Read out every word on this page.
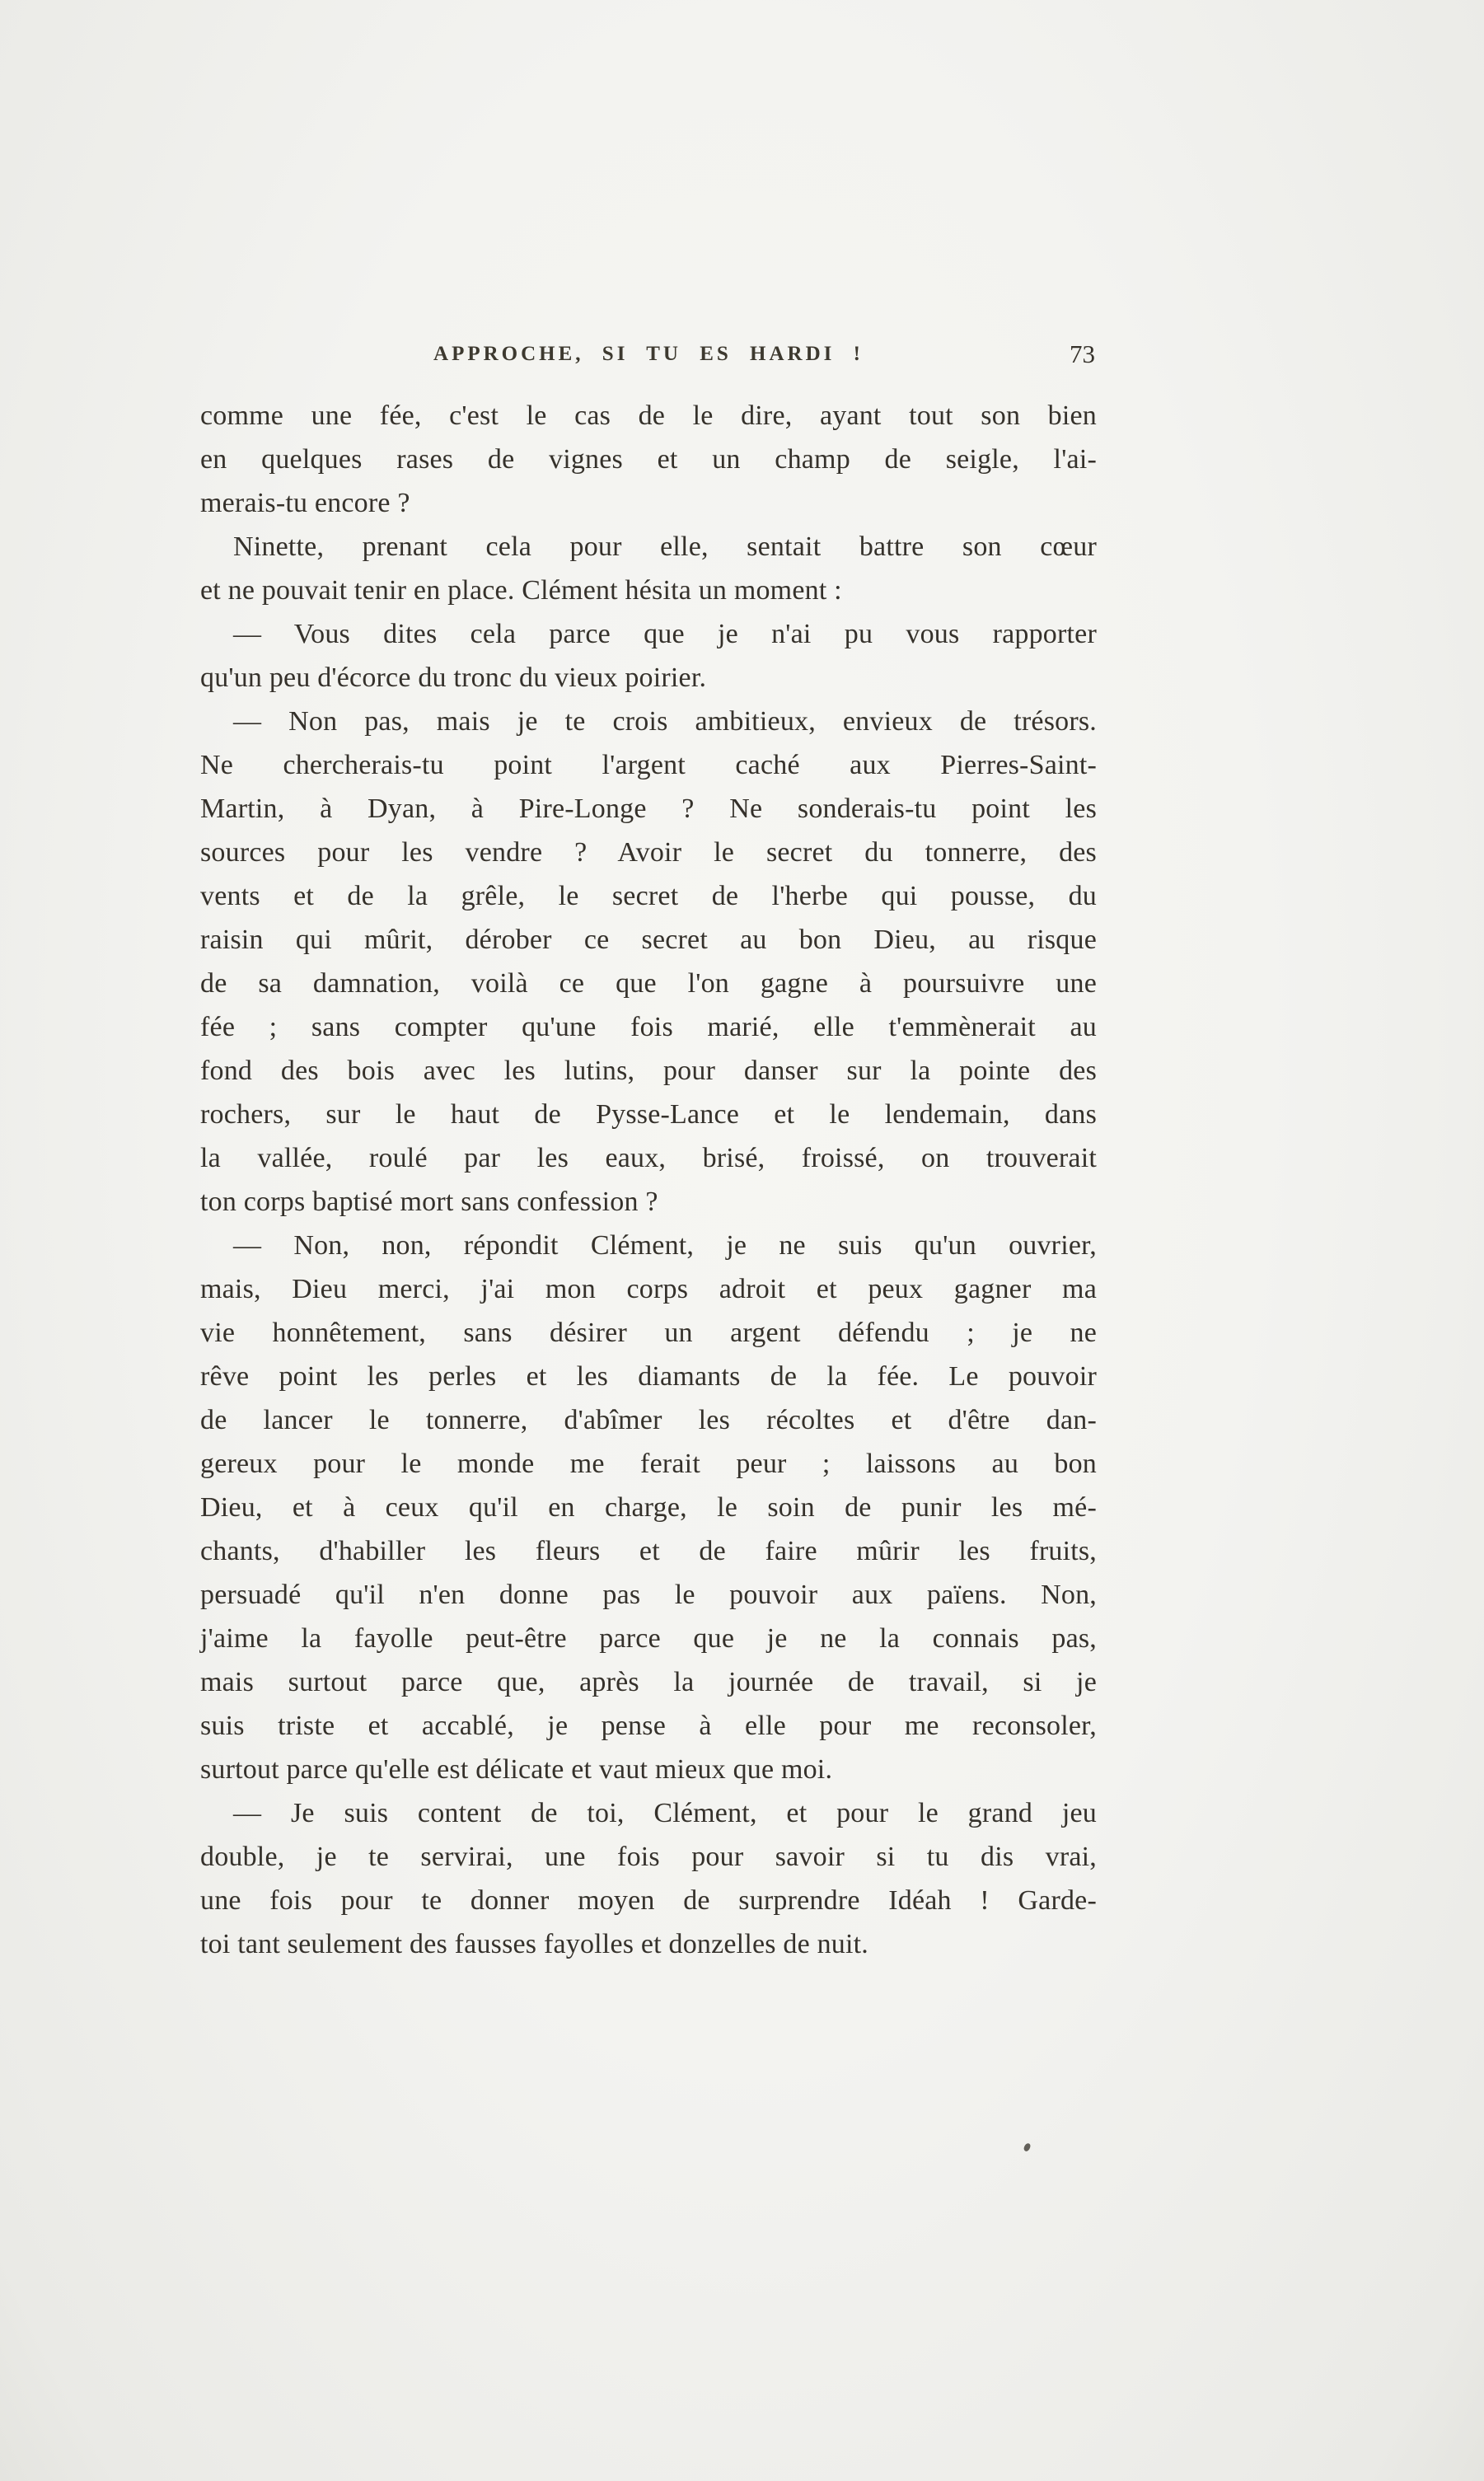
APPROCHE, SI TU ES HARDI !	73

comme une fée, c'est le cas de le dire, ayant tout son bien
en quelques rases de vignes et un champ de seigle, l'ai-
merais-tu encore ?

Ninette, prenant cela pour elle, sentait battre son cœur
et ne pouvait tenir en place. Clément hésita un moment :

— Vous dites cela parce que je n'ai pu vous rapporter
qu'un peu d'écorce du tronc du vieux poirier.

— Non pas, mais je te crois ambitieux, envieux de trésors.
Ne chercherais-tu point l'argent caché aux Pierres-Saint-
Martin, à Dyan, à Pire-Longe ? Ne sonderais-tu point les
sources pour les vendre ? Avoir le secret du tonnerre, des
vents et de la grêle, le secret de l'herbe qui pousse, du
raisin qui mûrit, dérober ce secret au bon Dieu, au risque
de sa damnation, voilà ce que l'on gagne à poursuivre une
fée ; sans compter qu'une fois marié, elle t'emmènerait au
fond des bois avec les lutins, pour danser sur la pointe des
rochers, sur le haut de Pysse-Lance et le lendemain, dans
la vallée, roulé par les eaux, brisé, froissé, on trouverait
ton corps baptisé mort sans confession ?

— Non, non, répondit Clément, je ne suis qu'un ouvrier,
mais, Dieu merci, j'ai mon corps adroit et peux gagner ma
vie honnêtement, sans désirer un argent défendu ; je ne
rêve point les perles et les diamants de la fée. Le pouvoir
de lancer le tonnerre, d'abîmer les récoltes et d'être dan-
gereux pour le monde me ferait peur ; laissons au bon
Dieu, et à ceux qu'il en charge, le soin de punir les mé-
chants, d'habiller les fleurs et de faire mûrir les fruits,
persuadé qu'il n'en donne pas le pouvoir aux païens. Non,
j'aime la fayolle peut-être parce que je ne la connais pas,
mais surtout parce que, après la journée de travail, si je
suis triste et accablé, je pense à elle pour me reconsoler,
surtout parce qu'elle est délicate et vaut mieux que moi.

— Je suis content de toi, Clément, et pour le grand jeu
double, je te servirai, une fois pour savoir si tu dis vrai,
une fois pour te donner moyen de surprendre Idéah ! Garde-
toi tant seulement des fausses fayolles et donzelles de nuit.
